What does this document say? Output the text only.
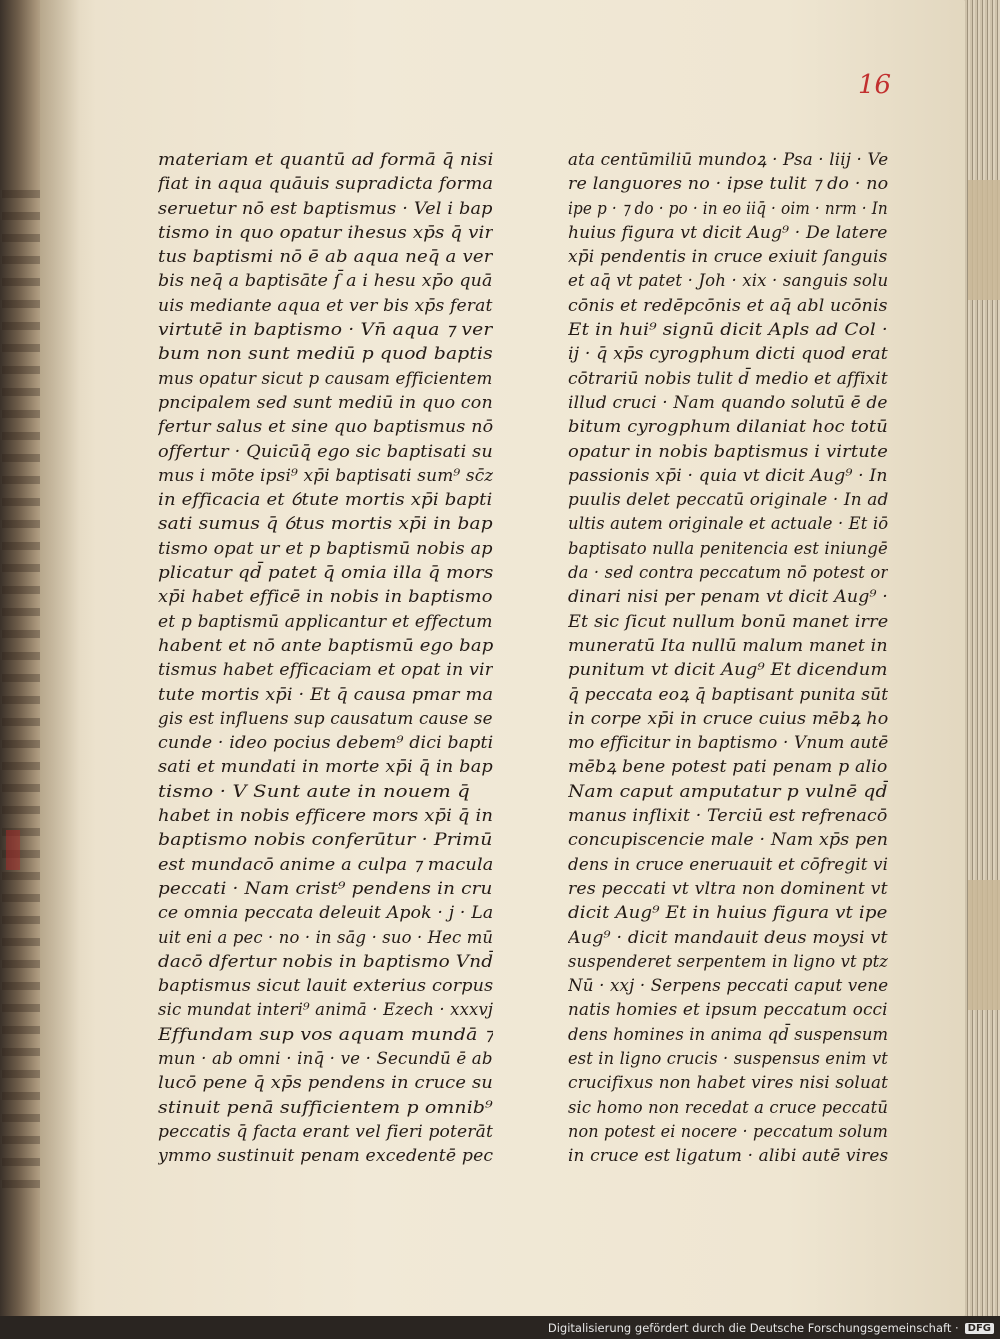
16
materiam et quantū ad formā q̄ nisi
fiat in aqua quāuis supradicta forma
seruetur nō est baptismus · Vel i bap
tismo in quo opatur ihesus xp̄s q̄ vir
tus baptismi nō ē ab aqua neq̄ a ver
bis neq̄ a baptisāte ſ̄ a i hesu xp̄o quā
uis mediante aqua et ver bis xp̄s ferat
virtutē in baptismo · Vn̄ aqua ⁊ ver
bum non sunt mediū p quod baptis
mus opatur sicut p causam efficientem
pncipalem sed sunt mediū in quo con
fertur salus et sine quo baptismus nō
offertur · Quicūq̄ ego sic baptisati su
mus i mōte ipsi⁹ xp̄i baptisati sum⁹ sc̄z
in efficacia et ỽtute mortis xp̄i bapti
sati sumus q̄ ỽtus mortis xp̄i in bap
tismo opat ur et p baptismū nobis ap
plicatur qd̄ patet q̄ omia illa q̄ mors
xp̄i habet efficē in nobis in baptismo
et p baptismū applicantur et effectum
habent et nō ante baptismū ego bap
tismus habet efficaciam et opat in vir
tute mortis xp̄i · Et q̄ causa pmar ma
gis est influens sup causatum cause se
cunde · ideo pocius debem⁹ dici bapti
sati et mundati in morte xp̄i q̄ in bap
tismo · V Sunt aute in nouem q̄
habet in nobis efficere mors xp̄i q̄ in
baptismo nobis conferūtur · Primū
est mundacō anime a culpa ⁊ macula
peccati · Nam crist⁹ pendens in cru
ce omnia peccata deleuit Apok · j · La
uit eni a pec · no · in sāg · suo · Hec mū
dacō dfertur nobis in baptismo Vnd̄
baptismus sicut lauit exterius corpus
sic mundat interi⁹ animā · Ezech · xxxvj
Effundam sup vos aquam mundā ⁊
mun · ab omni · inq̄ · ve · Secundū ē ab
lucō pene q̄ xp̄s pendens in cruce su
stinuit penā sufficientem p omnib⁹
peccatis q̄ facta erant vel fieri poterāt
ymmo sustinuit penam excedentē pec
ata centūmiliū mundoꝝ · Psa · liij · Ve
re languores no · ipse tulit ⁊ do · no
ipe p · ⁊ do · po · in eo iiq̄ · oim · nrm · In
huius figura vt dicit Aug⁹ · De latere
xp̄i pendentis in cruce exiuit ſanguis
et aq̄ vt patet · Joh · xix · sanguis solu
cōnis et redēpcōnis et aq̄ abl ucōnis
Et in hui⁹ signū dicit Apls ad Col ·
ij · q̄ xp̄s cyrogphum dicti quod erat
cōtrariū nobis tulit d̄ medio et affixit
illud cruci · Nam quando solutū ē de
bitum cyrogphum dilaniat hoc totū
opatur in nobis baptismus i virtute
passionis xp̄i · quia vt dicit Aug⁹ · In
puulis delet peccatū originale · In ad
ultis autem originale et actuale · Et iō
baptisato nulla penitencia est iniungē
da · sed contra peccatum nō potest or
dinari nisi per penam vt dicit Aug⁹ ·
Et sic ſicut nullum bonū manet irre
muneratū Ita nullū malum manet in
punitum vt dicit Aug⁹ Et dicendum
q̄ peccata eoꝝ q̄ baptisant punita sūt
in corpe xp̄i in cruce cuius mēbꝝ ho
mo efficitur in baptismo · Vnum autē
mēbꝝ bene potest pati penam p alio
Nam caput amputatur p vulnē qd̄
manus inflixit · Terciū est refrenacō
concupiscencie male · Nam xp̄s pen
dens in cruce eneruauit et cōfregit vi
res peccati vt vltra non dominent vt
dicit Aug⁹ Et in huius figura vt ipe
Aug⁹ · dicit mandauit deus moysi vt
suspenderet serpentem in ligno vt ptz
Nū · xxj · Serpens peccati caput vene
natis homies et ipsum peccatum occi
dens homines in anima qd̄ suspensum
est in ligno crucis · suspensus enim vt
crucifixus non habet vires nisi soluat
sic homo non recedat a cruce peccatū
non potest ei nocere · peccatum solum
in cruce est ligatum · alibi autē vires
Digitalisierung gefördert durch die Deutsche Forschungsgemeinschaft · DFG
